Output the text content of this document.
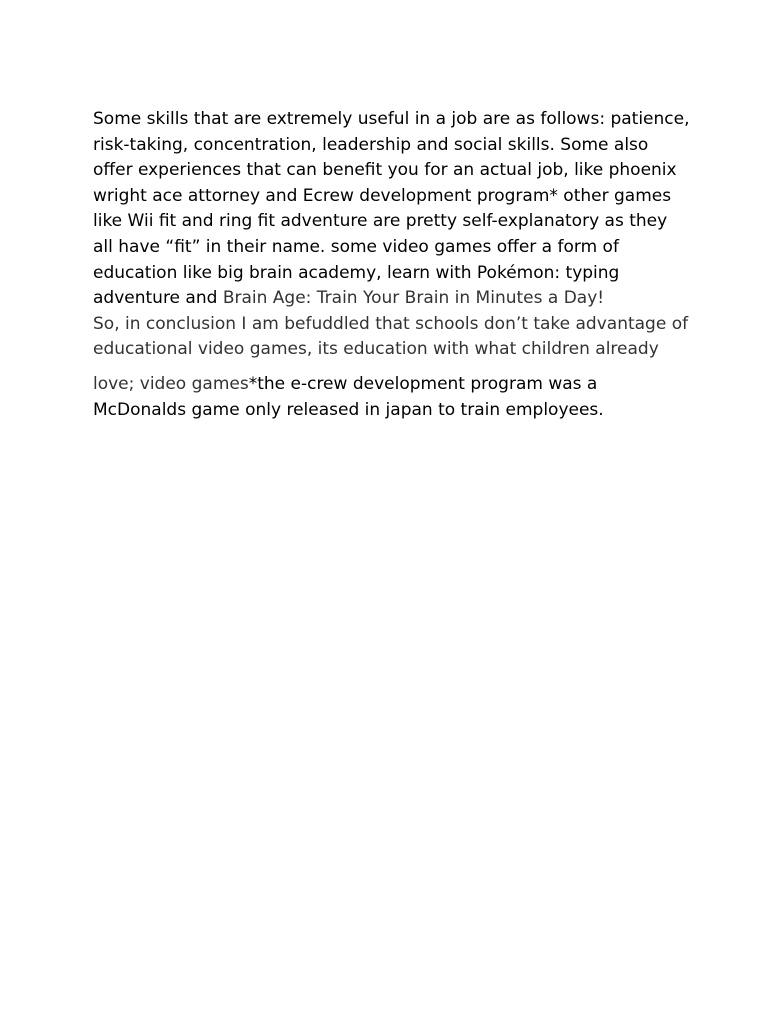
Some skills that are extremely useful in a job are as follows: patience,
risk-taking, concentration, leadership and social skills. Some also
offer experiences that can benefit you for an actual job, like phoenix
wright ace attorney and Ecrew development program* other games
like Wii fit and ring fit adventure are pretty self-explanatory as they
all have “fit” in their name. some video games offer a form of
education like big brain academy, learn with Pokémon: typing
adventure and Brain Age: Train Your Brain in Minutes a Day!
So, in conclusion I am befuddled that schools don’t take advantage of
educational video games, its education with what children already
love; video games*the e-crew development program was a
McDonalds game only released in japan to train employees.
